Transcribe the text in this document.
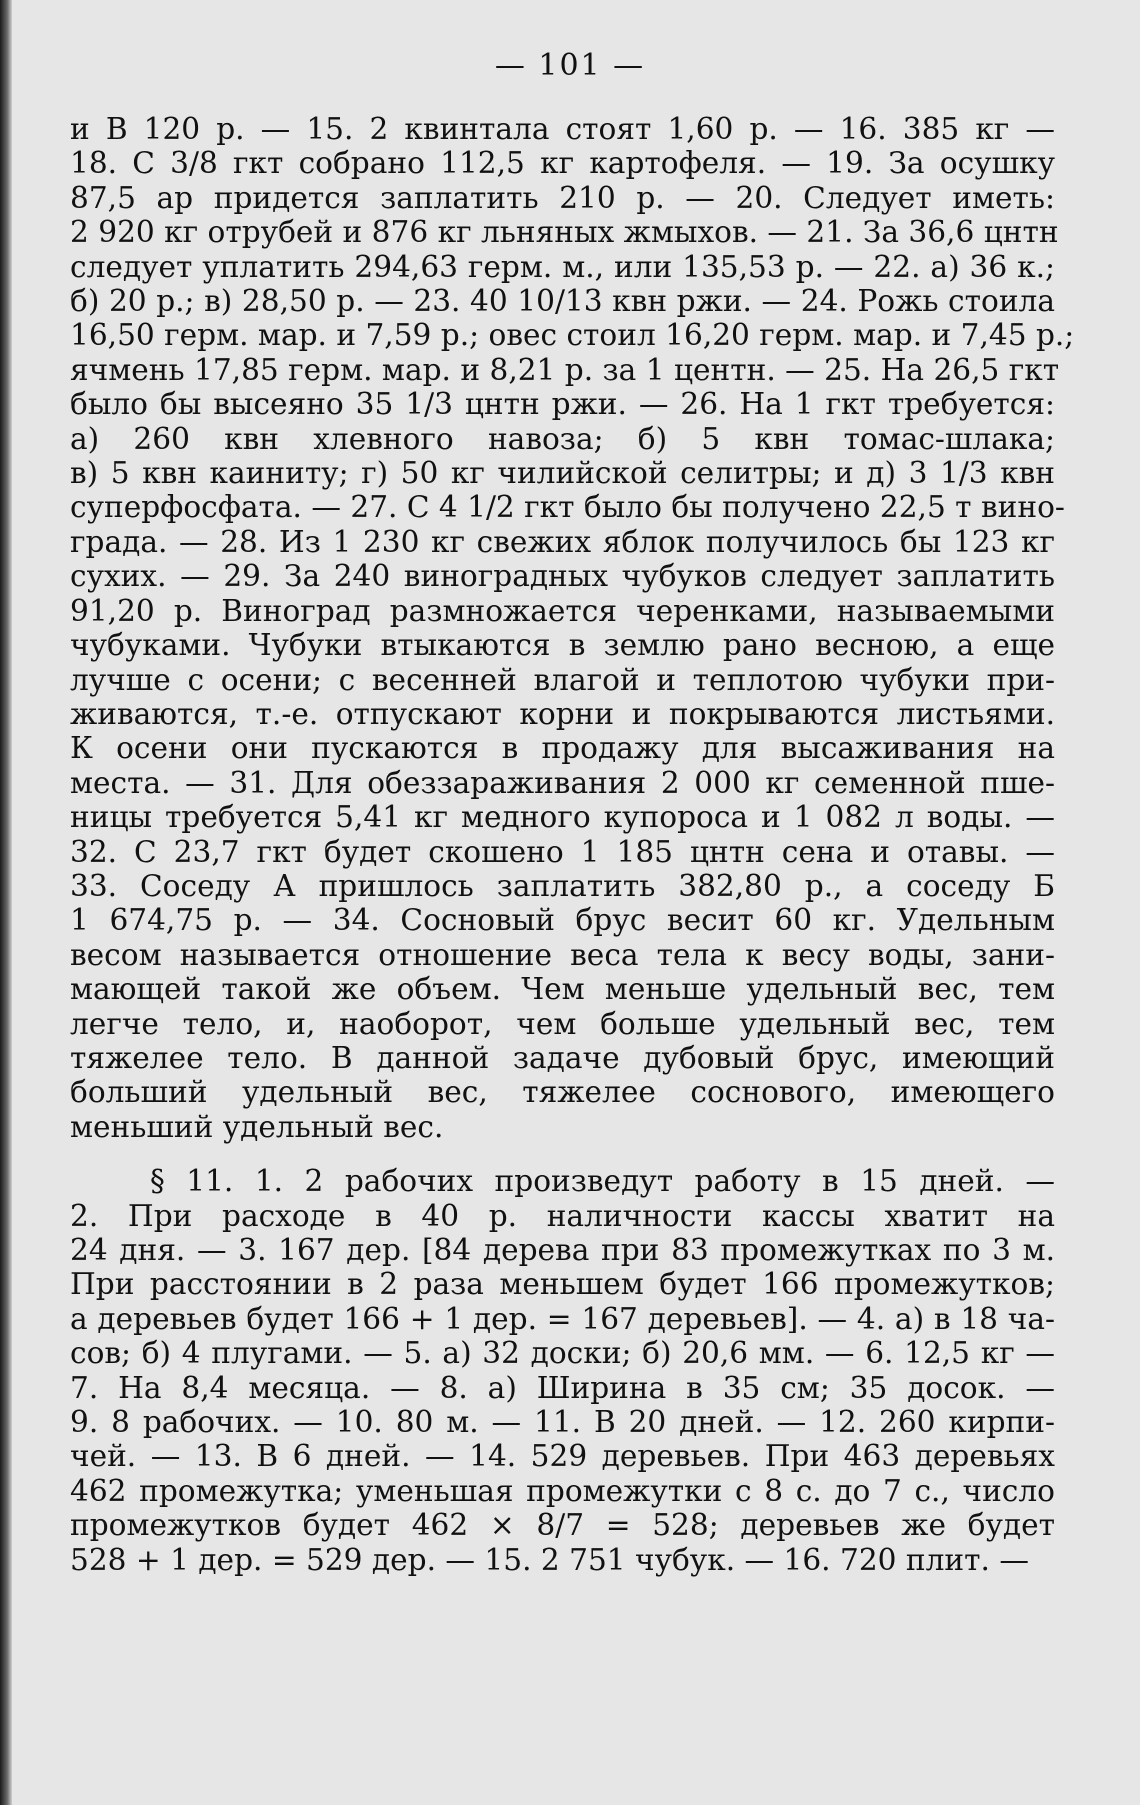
— 101 —
и В 120 р. — 15. 2 квинтала стоят 1,60 р. — 16. 385 кг —
18. С 3/8 гкт собрано 112,5 кг картофеля. — 19. За осушку
87,5 ар придется заплатить 210 р. — 20. Следует иметь:
2 920 кг отрубей и 876 кг льняных жмыхов. — 21. За 36,6 цнтн
следует уплатить 294,63 герм. м., или 135,53 р. — 22. а) 36 к.;
б) 20 р.; в) 28,50 р. — 23. 40 10/13 квн ржи. — 24. Рожь стоила
16,50 герм. мар. и 7,59 р.; овес стоил 16,20 герм. мар. и 7,45 р.;
ячмень 17,85 герм. мар. и 8,21 р. за 1 центн. — 25. На 26,5 гкт
было бы высеяно 35 1/3 цнтн ржи. — 26. На 1 гкт требуется:
а) 260 квн хлевного навоза; б) 5 квн томас-шлака;
в) 5 квн каиниту; г) 50 кг чилийской селитры; и д) 3 1/3 квн
суперфосфата. — 27. С 4 1/2 гкт было бы получено 22,5 т вино-
града. — 28. Из 1 230 кг свежих яблок получилось бы 123 кг
сухих. — 29. За 240 виноградных чубуков следует заплатить
91,20 р. Виноград размножается черенками, называемыми
чубуками. Чубуки втыкаются в землю рано весною, а еще
лучше с осени; с весенней влагой и теплотою чубуки при-
живаются, т.-е. отпускают корни и покрываются листьями.
К осени они пускаются в продажу для высаживания на
места. — 31. Для обеззараживания 2 000 кг семенной пше-
ницы требуется 5,41 кг медного купороса и 1 082 л воды. —
32. С 23,7 гкт будет скошено 1 185 цнтн сена и отавы. —
33. Соседу А пришлось заплатить 382,80 р., а соседу Б
1 674,75 р. — 34. Сосновый брус весит 60 кг. Удельным
весом называется отношение веса тела к весу воды, зани-
мающей такой же объем. Чем меньше удельный вес, тем
легче тело, и, наоборот, чем больше удельный вес, тем
тяжелее тело. В данной задаче дубовый брус, имеющий
больший удельный вес, тяжелее соснового, имеющего
меньший удельный вес.
§ 11. 1. 2 рабочих произведут работу в 15 дней. —
2. При расходе в 40 р. наличности кассы хватит на
24 дня. — 3. 167 дер. [84 дерева при 83 промежутках по 3 м.
При расстоянии в 2 раза меньшем будет 166 промежутков;
а деревьев будет 166 + 1 дер. = 167 деревьев]. — 4. а) в 18 ча-
сов; б) 4 плугами. — 5. а) 32 доски; б) 20,6 мм. — 6. 12,5 кг —
7. На 8,4 месяца. — 8. а) Ширина в 35 см; 35 досок. —
9. 8 рабочих. — 10. 80 м. — 11. В 20 дней. — 12. 260 кирпи-
чей. — 13. В 6 дней. — 14. 529 деревьев. При 463 деревьях
462 промежутка; уменьшая промежутки с 8 с. до 7 с., число
промежутков будет 462 × 8/7 = 528; деревьев же будет
528 + 1 дер. = 529 дер. — 15. 2 751 чубук. — 16. 720 плит. —
